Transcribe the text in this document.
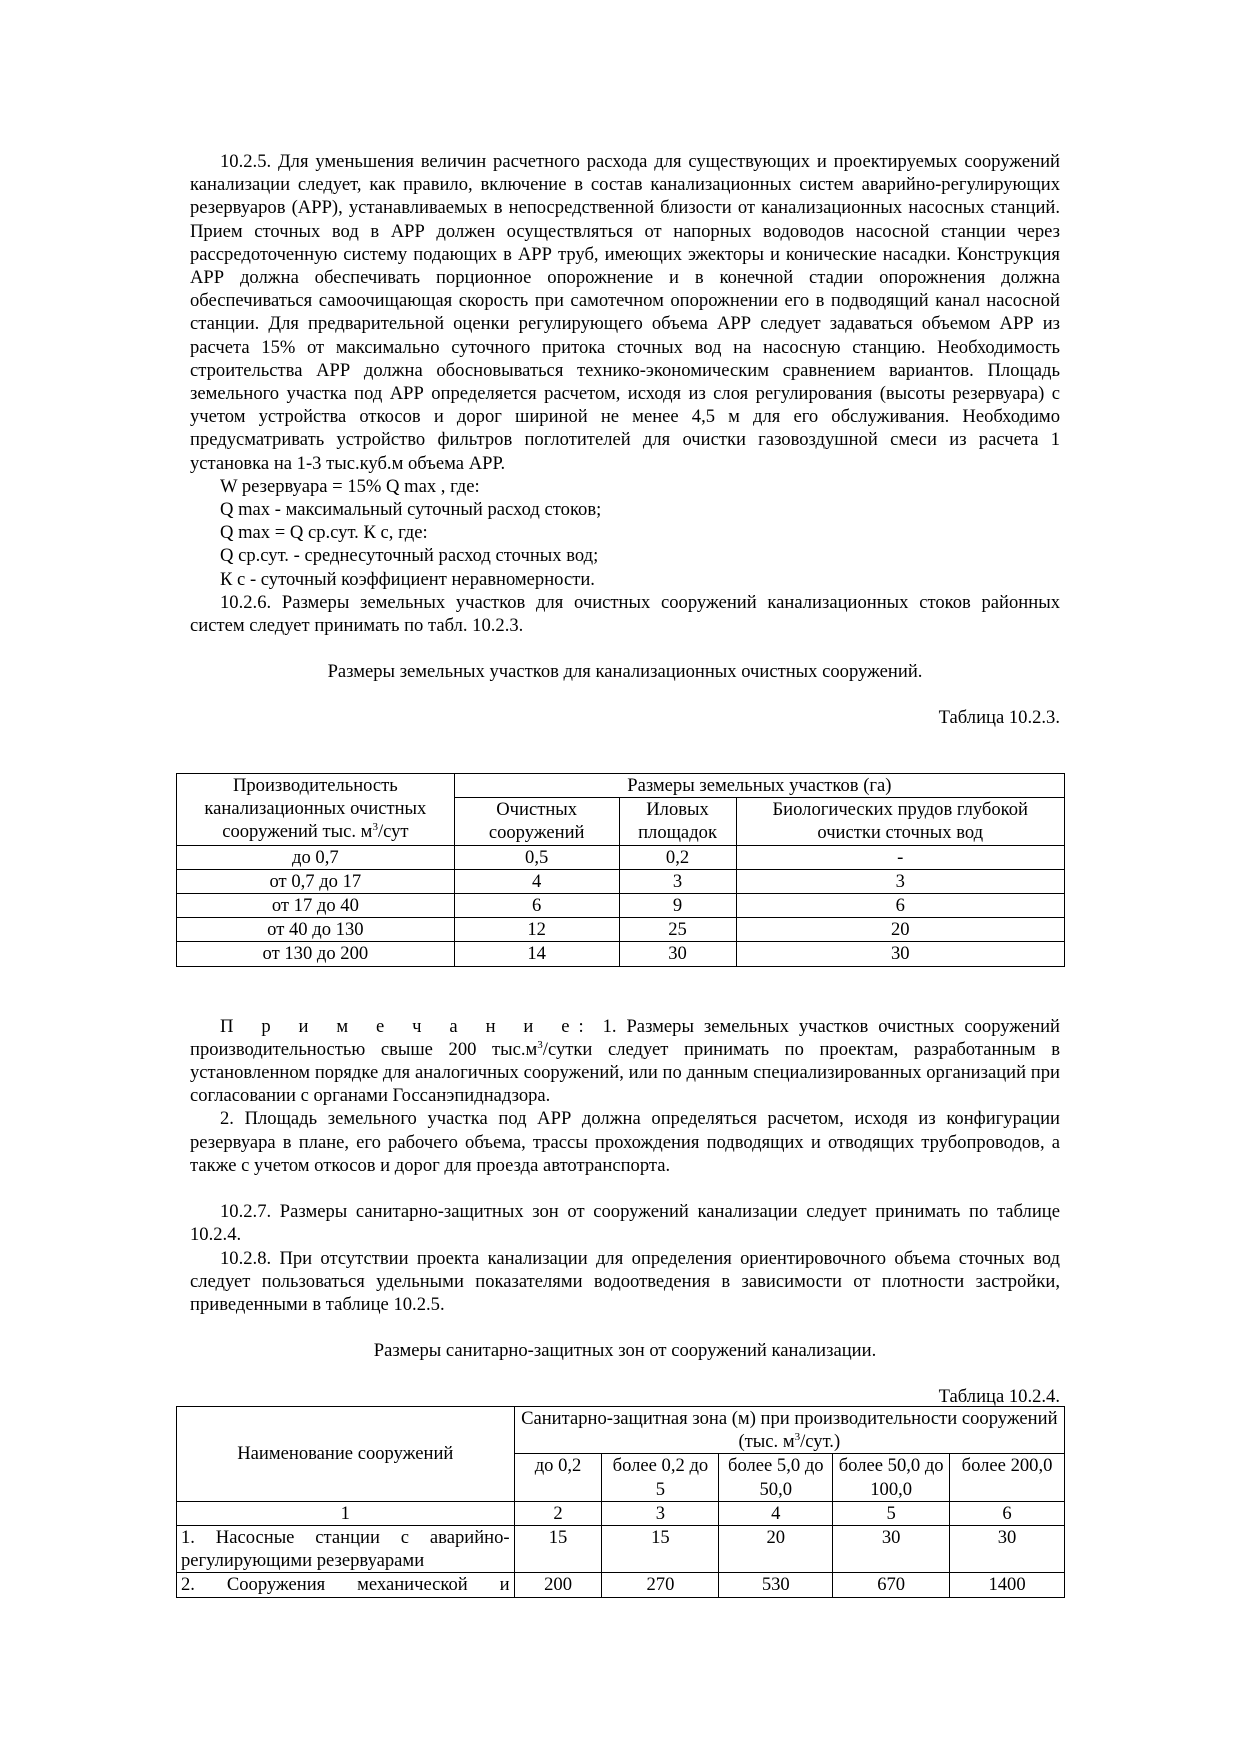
10.2.5. Для уменьшения величин расчетного расхода для существующих и проектируемых сооружений канализации следует, как правило, включение в состав канализационных систем аварийно-регулирующих резервуаров (АРР), устанавливаемых в непосредственной близости от канализационных насосных станций. Прием сточных вод в АРР должен осуществляться от напорных водоводов насосной станции через рассредоточенную систему подающих в АРР труб, имеющих эжекторы и конические насадки. Конструкция АРР должна обеспечивать порционное опорожнение и в конечной стадии опорожнения должна обеспечиваться самоочищающая скорость при самотечном опорожнении его в подводящий канал насосной станции. Для предварительной оценки регулирующего объема АРР следует задаваться объемом АРР из расчета 15% от максимально суточного притока сточных вод на насосную станцию. Необходимость строительства АРР должна обосновываться технико-экономическим сравнением вариантов. Площадь земельного участка под АРР определяется расчетом, исходя из слоя регулирования (высоты резервуара) с учетом устройства откосов и дорог шириной не менее 4,5 м для его обслуживания. Необходимо предусматривать устройство фильтров поглотителей для очистки газовоздушной смеси из расчета 1 установка на 1-3 тыс.куб.м объема АРР.

W резервуара = 15% Q max , где:

Q max - максимальный суточный расход стоков;

Q max = Q ср.сут. К с, где:

Q ср.сут. - среднесуточный расход сточных вод;

К с - суточный коэффициент неравномерности.

10.2.6. Размеры земельных участков для очистных сооружений канализационных стоков районных систем следует принимать по табл. 10.2.3.

Размеры земельных участков для канализационных очистных сооружений.

Таблица 10.2.3.

П р и м е ч а н и е: 1. Размеры земельных участков очистных сооружений производительностью свыше 200 $тыс.м^3$/сутки следует принимать по проектам, разработанным в установленном порядке для аналогичных сооружений, или по данным специализированных организаций при согласовании с органами Госсанэпиднадзора.

2. Площадь земельного участка под АРР должна определяться расчетом, исходя из конфигурации резервуара в плане, его рабочего объема, трассы прохождения подводящих и отводящих трубопроводов, а также с учетом откосов и дорог для проезда автотранспорта.

10.2.7. Размеры санитарно-защитных зон от сооружений канализации следует принимать по таблице 10.2.4.

10.2.8. При отсутствии проекта канализации для определения ориентировочного объема сточных вод следует пользоваться удельными показателями водоотведения в зависимости от плотности застройки, приведенными в таблице 10.2.5.

Размеры санитарно-защитных зон от сооружений канализации.

Таблица 10.2.4.

Производительность канализационных очистных сооружений тыс. $м^3$/сут	Размеры земельных участков (га)		
	Очистных сооружений	Иловых площадок	Биологических прудов глубокой очистки сточных вод
до 0,7	0,5	0,2	-
от 0,7 до 17	4	3	3
от 17 до 40	6	9	6
от 40 до 130	12	25	20
от 130 до 200	14	30	30
Наименование сооружений	Санитарно-защитная зона (м) при производительности сооружений (тыс. $м^3/сут$.)				
	до 0,2	более 0,2 до 5	более 5,0 до 50,0	более 50,0 до 100,0	более 200,0
1	2	3	4	5	6
1. Насосные станции с аварийно-регулирующими резервуарами	15	15	20	30	30
2. Сооружения механической и	200	270	530	670	1400
